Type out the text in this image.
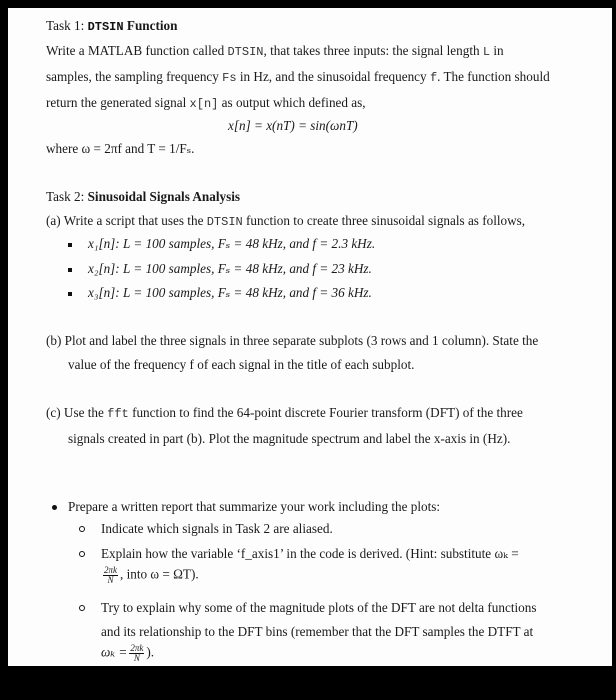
Task 1: DTSIN Function
Write a MATLAB function called DTSIN, that takes three inputs: the signal length L in
samples, the sampling frequency Fs in Hz, and the sinusoidal frequency f. The function should
return the generated signal x[n] as output which defined as,
x[n] = x(nT) = sin(ωnT)
where ω = 2πf and T = 1/Fₛ.
Task 2: Sinusoidal Signals Analysis
(a) Write a script that uses the DTSIN function to create three sinusoidal signals as follows,
x₁[n]: L = 100 samples, Fₛ = 48 kHz, and f = 2.3 kHz.
x₂[n]: L = 100 samples, Fₛ = 48 kHz, and f = 23 kHz.
x₃[n]: L = 100 samples, Fₛ = 48 kHz, and f = 36 kHz.
(b) Plot and label the three signals in three separate subplots (3 rows and 1 column). State the
value of the frequency f of each signal in the title of each subplot.
(c) Use the fft function to find the 64-point discrete Fourier transform (DFT) of the three
signals created in part (b). Plot the magnitude spectrum and label the x-axis in (Hz).
Prepare a written report that summarize your work including the plots:
Indicate which signals in Task 2 are aliased.
Explain how the variable ‘f_axis1’ in the code is derived. (Hint: substitute ωₖ =
$\frac{2\pi k}{N}$ , into ω = ΩT).
Try to explain why some of the magnitude plots of the DFT are not delta functions
and its relationship to the DFT bins (remember that the DFT samples the DTFT at
$\omega_k = \frac{2\pi k}{N}$ ).
